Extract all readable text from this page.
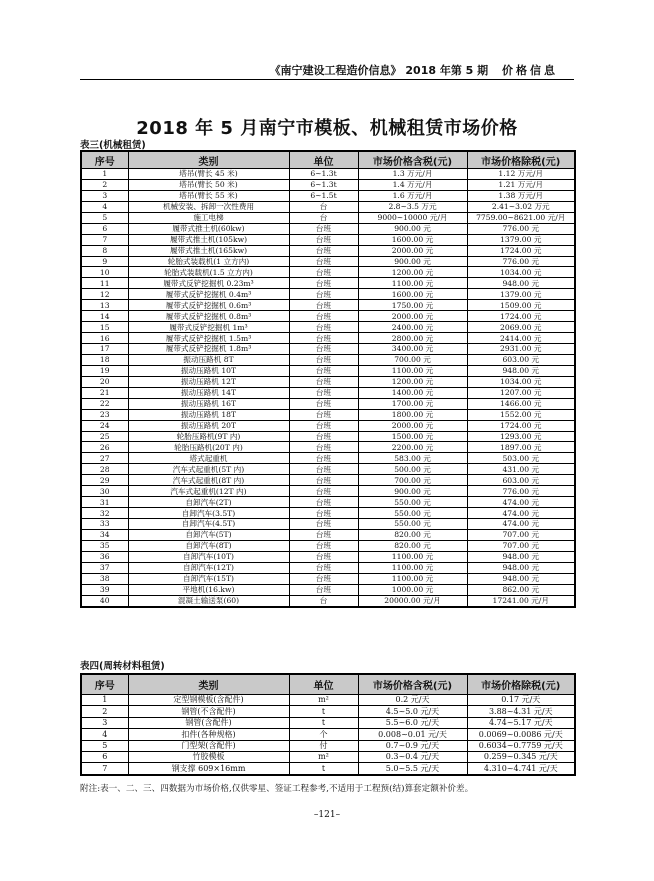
《南宁建设工程造价信息》 2018 年第 5 期 价格信息
2018 年 5 月南宁市模板、机械租赁市场价格
表三(机械租赁)
序号	类别	单位	市场价格含税(元)	市场价格除税(元)
1	塔吊(臂长 45 米)	6~1.3t	1.3 万元/月	1.12 万元/月
2	塔吊(臂长 50 米)	6~1.3t	1.4 万元/月	1.21 万元/月
3	塔吊(臂长 55 米)	6~1.5t	1.6 万元/月	1.38 万元/月
4	机械安装、拆卸一次性费用	台	2.8~3.5 万元	2.41~3.02 万元
5	施工电梯	台	9000~10000 元/月	7759.00~8621.00 元/月
6	履带式推土机(60kw)	台班	900.00 元	776.00 元
7	履带式推土机(105kw)	台班	1600.00 元	1379.00 元
8	履带式推土机(165kw)	台班	2000.00 元	1724.00 元
9	轮胎式装载机(1 立方内)	台班	900.00 元	776.00 元
10	轮胎式装载机(1.5 立方内)	台班	1200.00 元	1034.00 元
11	履带式反铲挖掘机 0.23m³	台班	1100.00 元	948.00 元
12	履带式反铲挖掘机 0.4m³	台班	1600.00 元	1379.00 元
13	履带式反铲挖掘机 0.6m³	台班	1750.00 元	1509.00 元
14	履带式反铲挖掘机 0.8m³	台班	2000.00 元	1724.00 元
15	履带式反铲挖掘机 1m³	台班	2400.00 元	2069.00 元
16	履带式反铲挖掘机 1.5m³	台班	2800.00 元	2414.00 元
17	履带式反铲挖掘机 1.8m³	台班	3400.00 元	2931.00 元
18	振动压路机 8T	台班	700.00 元	603.00 元
19	振动压路机 10T	台班	1100.00 元	948.00 元
20	振动压路机 12T	台班	1200.00 元	1034.00 元
21	振动压路机 14T	台班	1400.00 元	1207.00 元
22	振动压路机 16T	台班	1700.00 元	1466.00 元
23	振动压路机 18T	台班	1800.00 元	1552.00 元
24	振动压路机 20T	台班	2000.00 元	1724.00 元
25	轮胎压路机(9T 内)	台班	1500.00 元	1293.00 元
26	轮胎压路机(20T 内)	台班	2200.00 元	1897.00 元
27	塔式起重机	台班	583.00 元	503.00 元
28	汽车式起重机(5T 内)	台班	500.00 元	431.00 元
29	汽车式起重机(8T 内)	台班	700.00 元	603.00 元
30	汽车式起重机(12T 内)	台班	900.00 元	776.00 元
31	自卸汽车(2T)	台班	550.00 元	474.00 元
32	自卸汽车(3.5T)	台班	550.00 元	474.00 元
33	自卸汽车(4.5T)	台班	550.00 元	474.00 元
34	自卸汽车(5T)	台班	820.00 元	707.00 元
35	自卸汽车(8T)	台班	820.00 元	707.00 元
36	自卸汽车(10T)	台班	1100.00 元	948.00 元
37	自卸汽车(12T)	台班	1100.00 元	948.00 元
38	自卸汽车(15T)	台班	1100.00 元	948.00 元
39	平地机(16.kw)	台班	1000.00 元	862.00 元
40	混凝土输送泵(60)	台	20000.00 元/月	17241.00 元/月
表四(周转材料租赁)
序号	类别	单位	市场价格含税(元)	市场价格除税(元)
1	定型钢模板(含配件)	m²	0.2 元/天	0.17 元/天
2	钢管(不含配件)	t	4.5~5.0 元/天	3.88~4.31 元/天
3	钢管(含配件)	t	5.5~6.0 元/天	4.74~5.17 元/天
4	扣件(各种规格)	个	0.008~0.01 元/天	0.0069~0.0086 元/天
5	门型架(含配件)	付	0.7~0.9 元/天	0.6034~0.7759 元/天
6	竹胶模板	m²	0.3~0.4 元/天	0.259~0.345 元/天
7	钢支撑 609×16mm	t	5.0~5.5 元/天	4.310~4.741 元/天
附注:表一、二、三、四数据为市场价格,仅供零星、签证工程参考,不适用于工程预(结)算套定额补价差。
–121–
